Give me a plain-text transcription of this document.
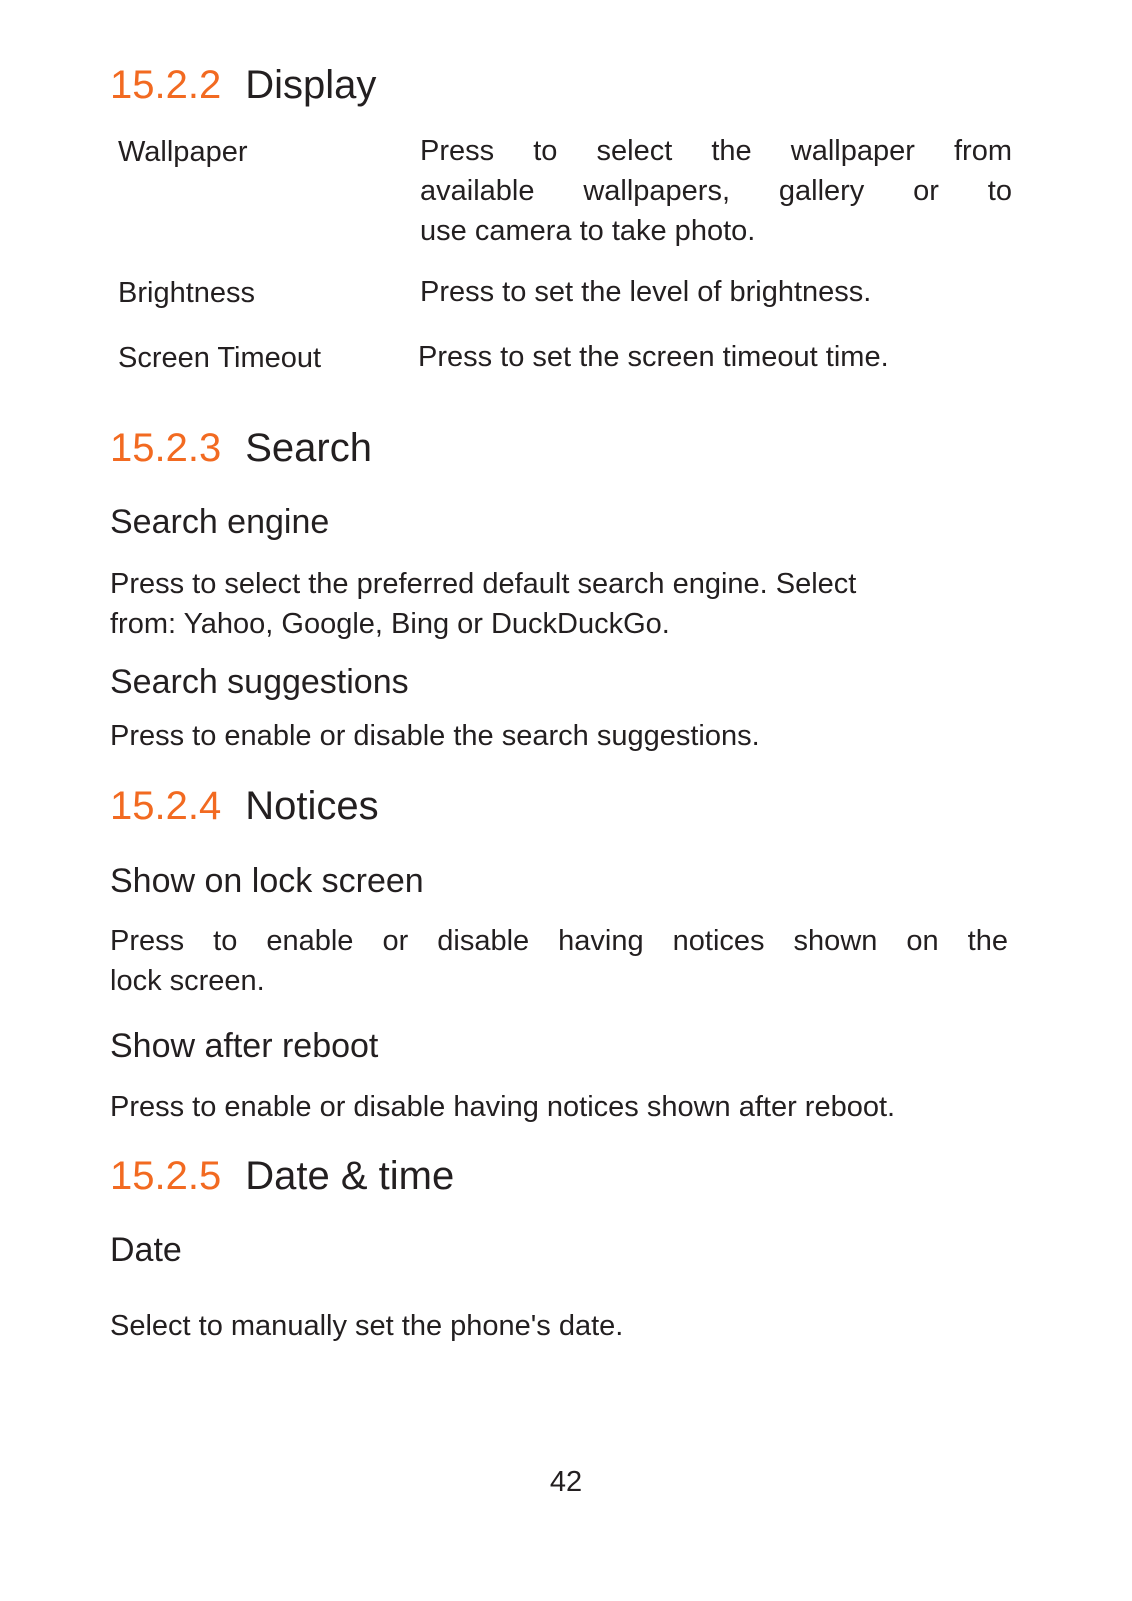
15.2.2 Display
Wallpaper	Press to select the wallpaper from
available wallpapers, gallery or to
use camera to take photo.
Brightness	Press to set the level of brightness.
Screen Timeout	Press to set the screen timeout time.
15.2.3 Search
Search engine
Press to select the preferred default search engine. Select
from: Yahoo, Google, Bing or DuckDuckGo.
Search suggestions
Press to enable or disable the search suggestions.
15.2.4 Notices
Show on lock screen
Press to enable or disable having notices shown on the
lock screen.
Show after reboot
Press to enable or disable having notices shown after reboot.
15.2.5 Date & time
Date
Select to manually set the phone's date.
42
